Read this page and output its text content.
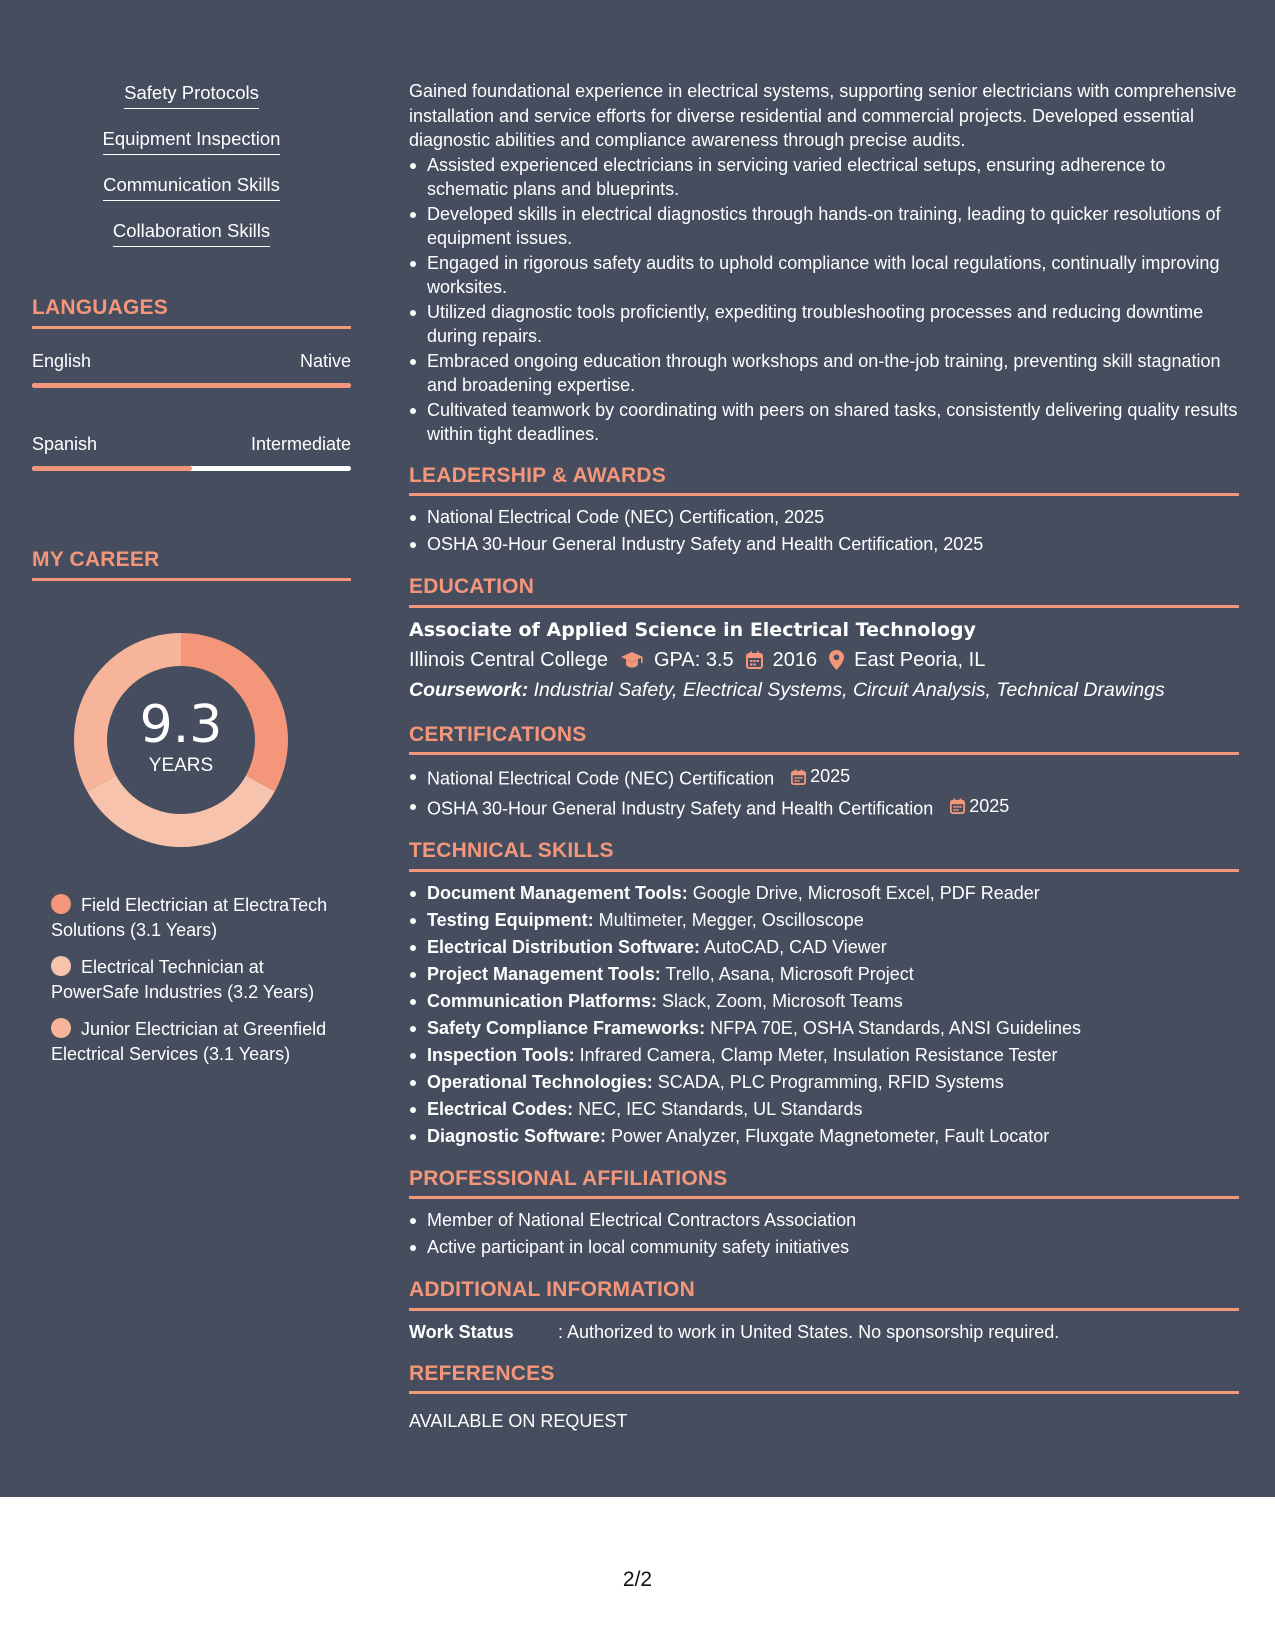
Safety Protocols
Equipment Inspection
Communication Skills
Collaboration Skills
LANGUAGES
English	Native
Spanish	Intermediate
MY CAREER
9.3
YEARS
Field Electrician at ElectraTech Solutions (3.1 Years)
Electrical Technician at PowerSafe Industries (3.2 Years)
Junior Electrician at Greenfield Electrical Services (3.1 Years)

Gained foundational experience in electrical systems, supporting senior electricians with comprehensive installation and service efforts for diverse residential and commercial projects. Developed essential diagnostic abilities and compliance awareness through precise audits.

Assisted experienced electricians in servicing varied electrical setups, ensuring adherence to schematic plans and blueprints.
Developed skills in electrical diagnostics through hands-on training, leading to quicker resolutions of equipment issues.
Engaged in rigorous safety audits to uphold compliance with local regulations, continually improving worksites.
Utilized diagnostic tools proficiently, expediting troubleshooting processes and reducing downtime during repairs.
Embraced ongoing education through workshops and on-the-job training, preventing skill stagnation and broadening expertise.
Cultivated teamwork by coordinating with peers on shared tasks, consistently delivering quality results within tight deadlines.
LEADERSHIP & AWARDS
National Electrical Code (NEC) Certification, 2025
OSHA 30-Hour General Industry Safety and Health Certification, 2025
EDUCATION
Associate of Applied Science in Electrical Technology
Illinois Central College GPA: 3.5 2016 East Peoria, IL
Coursework: Industrial Safety, Electrical Systems, Circuit Analysis, Technical Drawings
CERTIFICATIONS
National Electrical Code (NEC) Certification 2025
OSHA 30-Hour General Industry Safety and Health Certification 2025
TECHNICAL SKILLS
Document Management Tools: Google Drive, Microsoft Excel, PDF Reader
Testing Equipment: Multimeter, Megger, Oscilloscope
Electrical Distribution Software: AutoCAD, CAD Viewer
Project Management Tools: Trello, Asana, Microsoft Project
Communication Platforms: Slack, Zoom, Microsoft Teams
Safety Compliance Frameworks: NFPA 70E, OSHA Standards, ANSI Guidelines
Inspection Tools: Infrared Camera, Clamp Meter, Insulation Resistance Tester
Operational Technologies: SCADA, PLC Programming, RFID Systems
Electrical Codes: NEC, IEC Standards, UL Standards
Diagnostic Software: Power Analyzer, Fluxgate Magnetometer, Fault Locator
PROFESSIONAL AFFILIATIONS
Member of National Electrical Contractors Association
Active participant in local community safety initiatives
ADDITIONAL INFORMATION
Work Status	: Authorized to work in United States. No sponsorship required.
REFERENCES
AVAILABLE ON REQUEST
2/2
